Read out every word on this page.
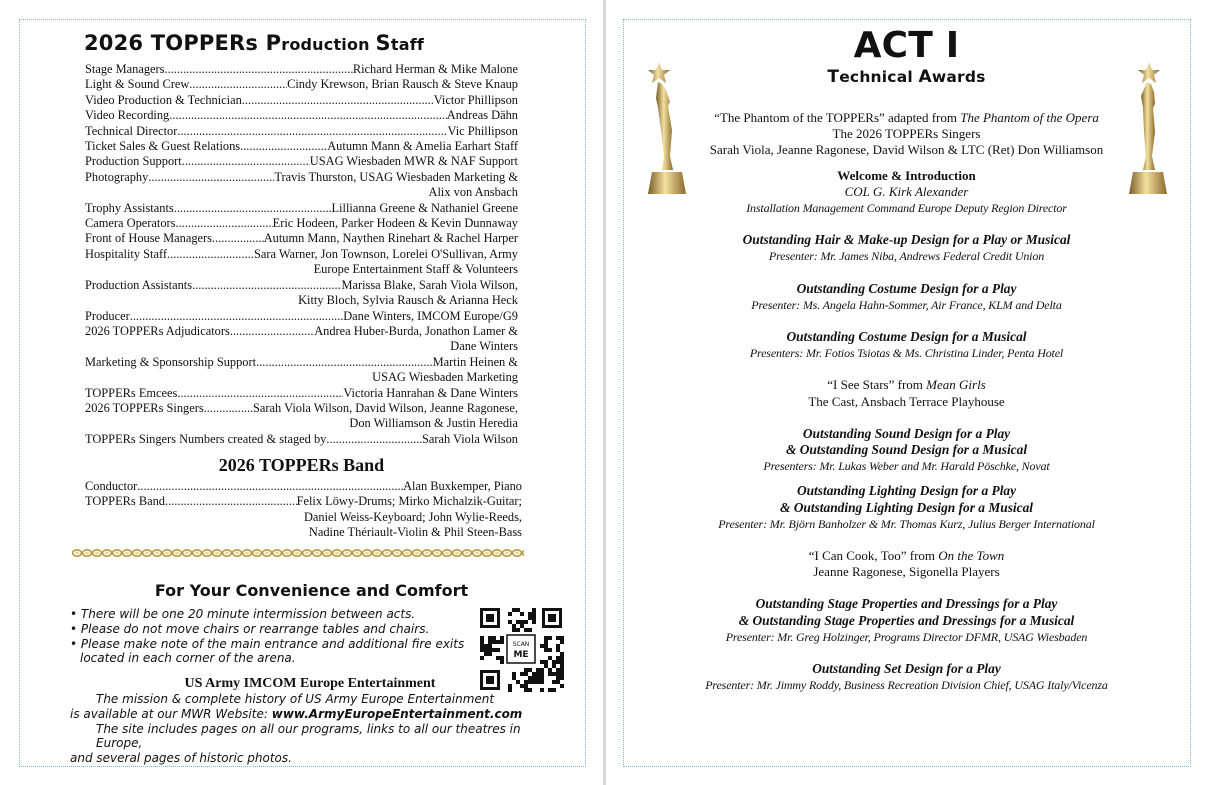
2026 TOPPERs Production Staff
Stage Managers .....	Richard Herman & Mike Malone
Light & Sound Crew .....	Cindy Krewson, Brian Rausch & Steve Knaup
Video Production & Technician .....	Victor Phillipson
Video Recording .....	Andreas Dähn
Technical Director .....	Vic Phillipson
Ticket Sales & Guest Relations .....	Autumn Mann & Amelia Earhart Staff
Production Support .....	USAG Wiesbaden MWR & NAF Support
Photography .....	Travis Thurston, USAG Wiesbaden Marketing &
Alix von Ansbach
Trophy Assistants .....	Lillianna Greene & Nathaniel Greene
Camera Operators .....	Eric Hodeen, Parker Hodeen & Kevin Dunnaway
Front of House Managers .....	Autumn Mann, Naythen Rinehart & Rachel Harper
Hospitality Staff .....	Sara Warner, Jon Townson, Lorelei O'Sullivan, Army
Europe Entertainment Staff & Volunteers
Production Assistants .....	Marissa Blake, Sarah Viola Wilson,
Kitty Bloch, Sylvia Rausch & Arianna Heck
Producer .....	Dane Winters, IMCOM Europe/G9
2026 TOPPERs Adjudicators .....	Andrea Huber-Burda, Jonathon Lamer &
Dane Winters
Marketing & Sponsorship Support .....	Martin Heinen &
USAG Wiesbaden Marketing
TOPPERs Emcees .....	Victoria Hanrahan & Dane Winters
2026 TOPPERs Singers .....	Sarah Viola Wilson, David Wilson, Jeanne Ragonese,
Don Williamson & Justin Heredia
TOPPERs Singers Numbers created & staged by .....	Sarah Viola Wilson
2026 TOPPERs Band
Conductor .....	Alan Buxkemper, Piano
TOPPERs Band .....	Felix Löwy-Drums; Mirko Michalzik-Guitar;
Daniel Weiss-Keyboard; John Wylie-Reeds,
Nadine Thériault-Violin & Phil Steen-Bass
For Your Convenience and Comfort
• There will be one 20 minute intermission between acts.
• Please do not move chairs or rearrange tables and chairs.
• Please make note of the main entrance and additional fire exits located in each corner of the arena.
SCAN
ME
US Army IMCOM Europe Entertainment
The mission & complete history of US Army Europe Entertainment
is available at our MWR Website: www.ArmyEuropeEntertainment.com
The site includes pages on all our programs, links to all our theatres in Europe,
and several pages of historic photos.
ACT I
Technical Awards
“The Phantom of the TOPPERs” adapted from The Phantom of the Opera
The 2026 TOPPERs Singers
Sarah Viola, Jeanne Ragonese, David Wilson & LTC (Ret) Don Williamson
Welcome & Introduction
COL G. Kirk Alexander
Installation Management Command Europe Deputy Region Director
Outstanding Hair & Make-up Design for a Play or Musical
Presenter: Mr. James Niba, Andrews Federal Credit Union
Outstanding Costume Design for a Play
Presenter: Ms. Angela Hahn-Sommer, Air France, KLM and Delta
Outstanding Costume Design for a Musical
Presenters: Mr. Fotios Tsiotas & Ms. Christina Linder, Penta Hotel
“I See Stars” from Mean Girls
The Cast, Ansbach Terrace Playhouse
Outstanding Sound Design for a Play
& Outstanding Sound Design for a Musical
Presenters: Mr. Lukas Weber and Mr. Harald Pöschke, Novat
Outstanding Lighting Design for a Play
& Outstanding Lighting Design for a Musical
Presenter: Mr. Björn Banholzer & Mr. Thomas Kurz, Julius Berger International
“I Can Cook, Too” from On the Town
Jeanne Ragonese, Sigonella Players
Outstanding Stage Properties and Dressings for a Play
& Outstanding Stage Properties and Dressings for a Musical
Presenter: Mr. Greg Holzinger, Programs Director DFMR, USAG Wiesbaden
Outstanding Set Design for a Play
Presenter: Mr. Jimmy Roddy, Business Recreation Division Chief, USAG Italy/Vicenza
